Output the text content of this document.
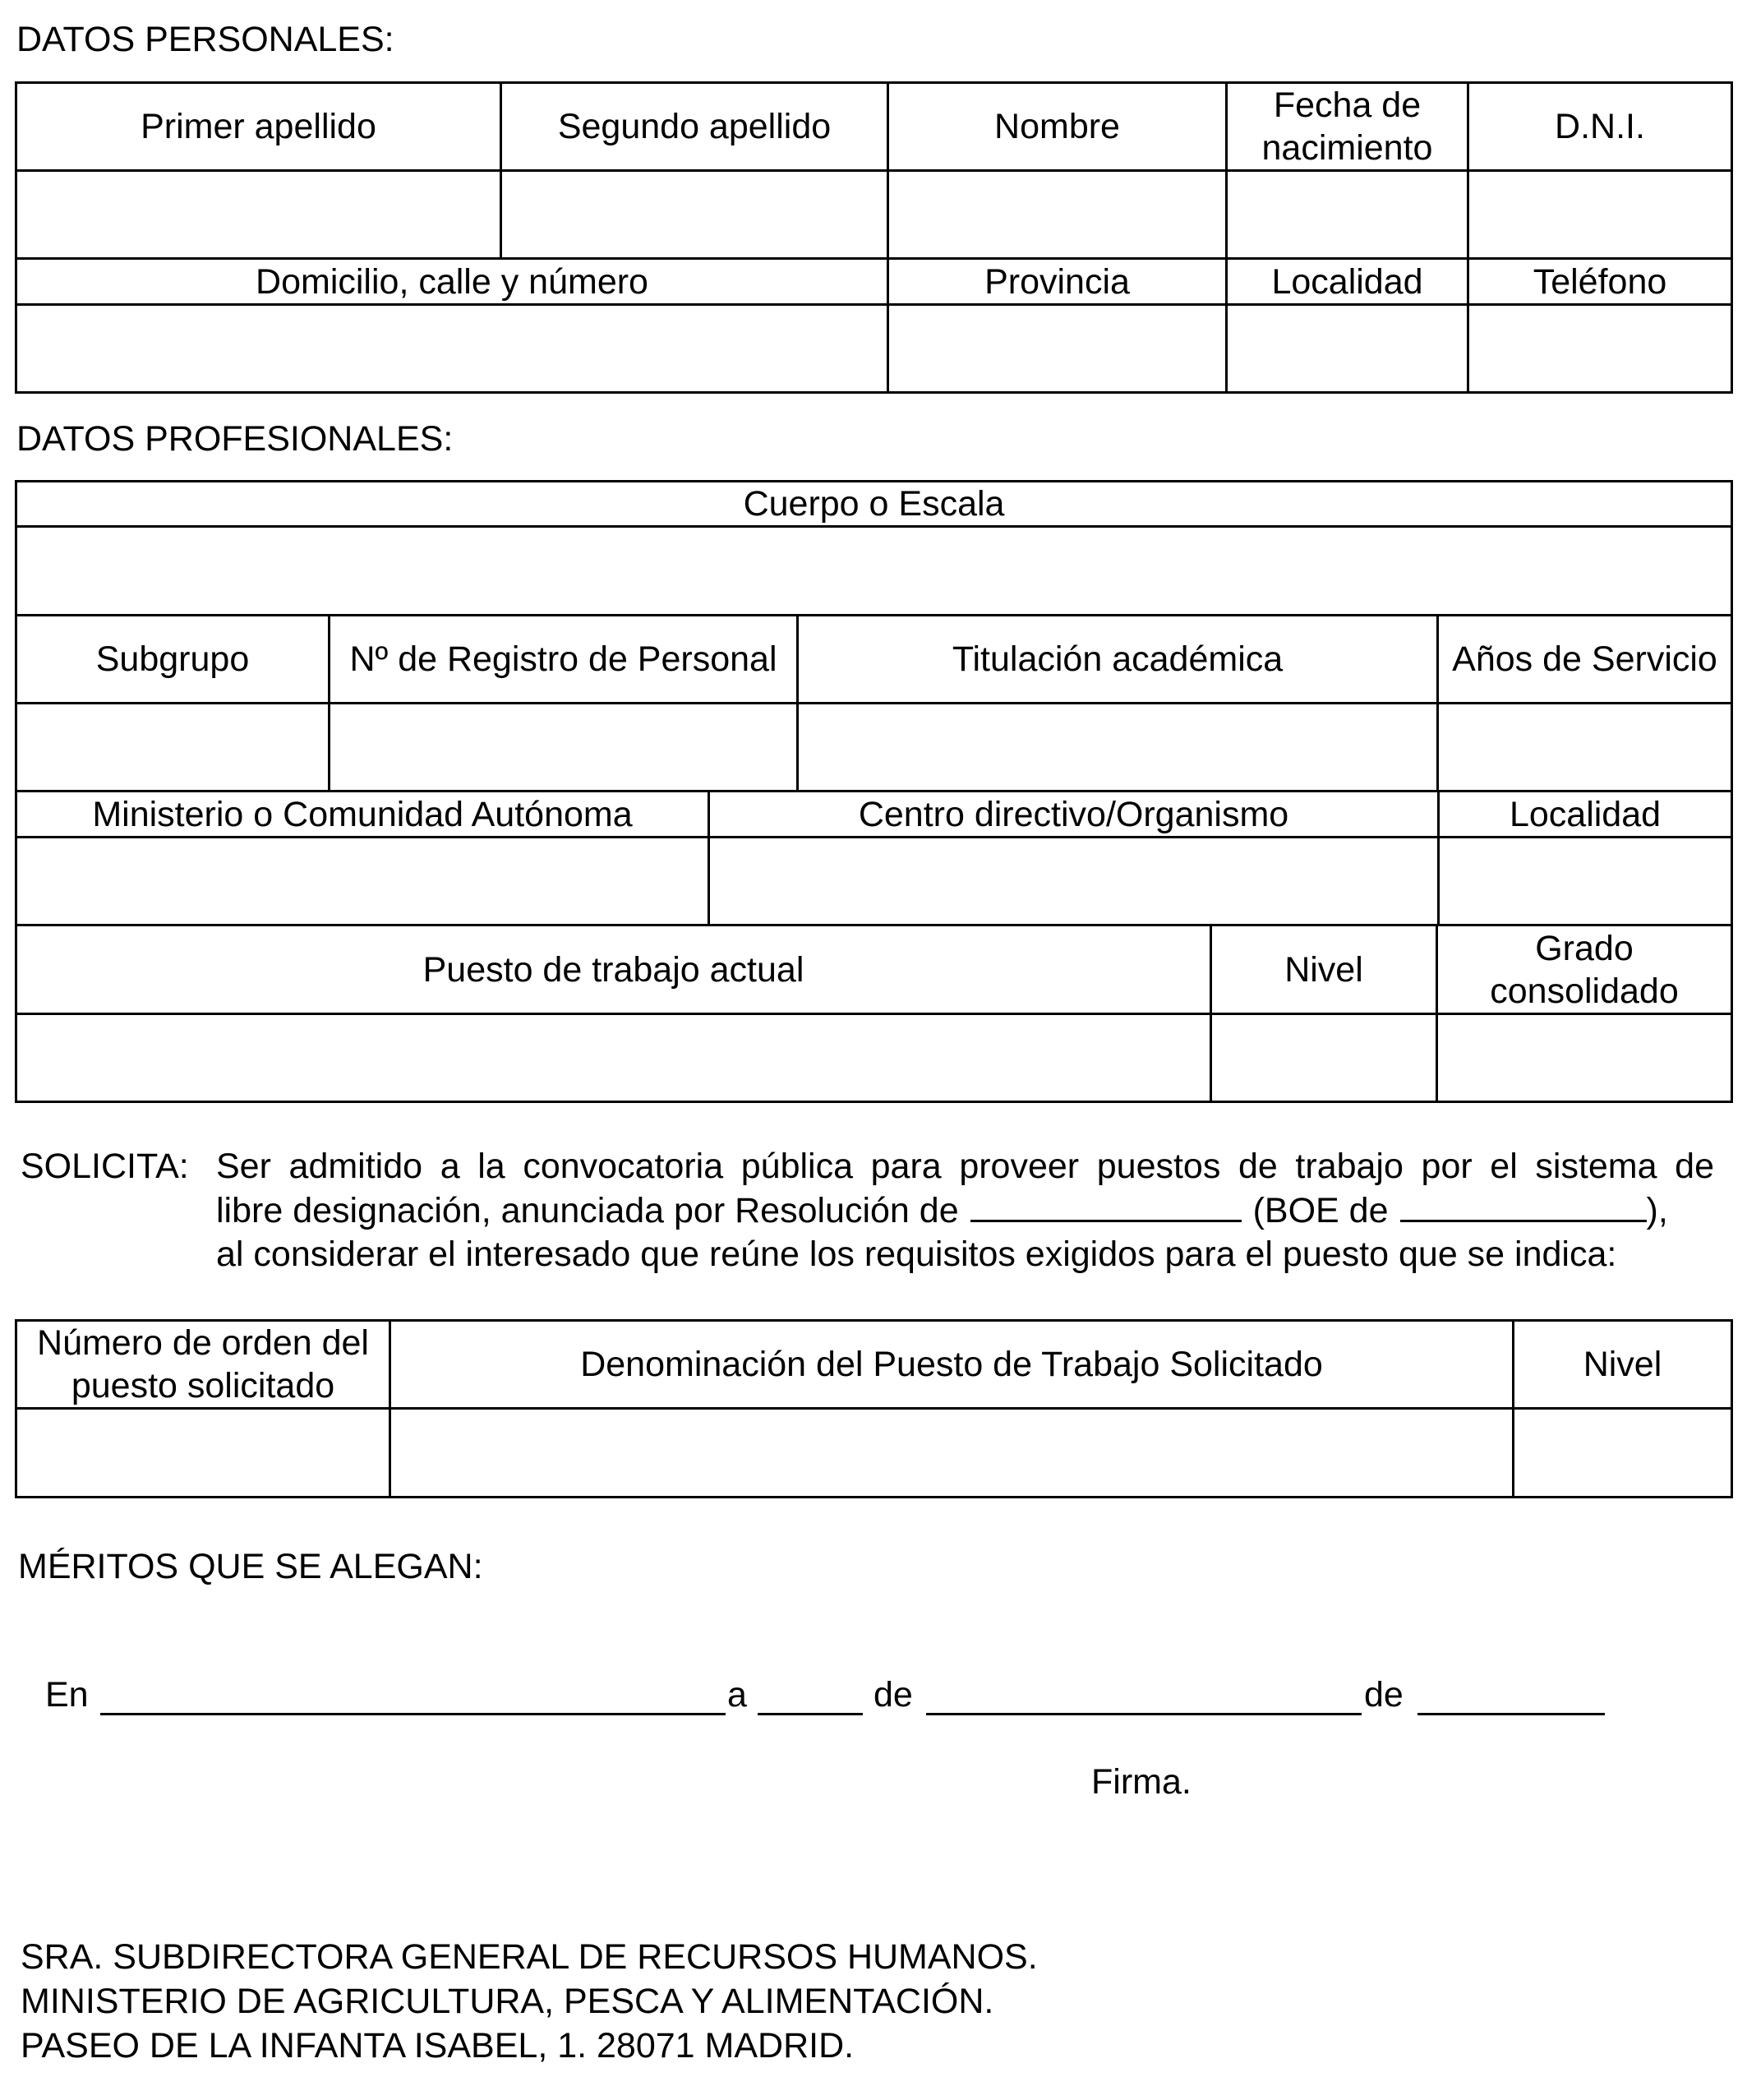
DATOS PERSONALES:
Primer apellido	Segundo apellido	Nombre	Fecha de nacimiento	D.N.I.

Domicilio, calle y número		Provincia	Localidad	Teléfono

DATOS PROFESIONALES:
Cuerpo o Escala			

Subgrupo	Nº de Registro de Personal	Titulación académica	Años de Servicio

Ministerio o Comunidad Autónoma	Centro directivo/Organismo	Localidad

Puesto de trabajo actual	Nivel	Grado consolidado

SOLICITA: Ser admitido a la convocatoria pública para proveer puestos de trabajo por el sistema de
libre designación, anunciada por Resolución de	(BOE de	),
al considerar el interesado que reúne los requisitos exigidos para el puesto que se indica:
Número de orden del puesto solicitado	Denominación del Puesto de Trabajo Solicitado	Nivel

MÉRITOS QUE SE ALEGAN:
En	a	de	de
Firma.
SRA. SUBDIRECTORA GENERAL DE RECURSOS HUMANOS.
MINISTERIO DE AGRICULTURA, PESCA Y ALIMENTACIÓN.
PASEO DE LA INFANTA ISABEL, 1. 28071 MADRID.
